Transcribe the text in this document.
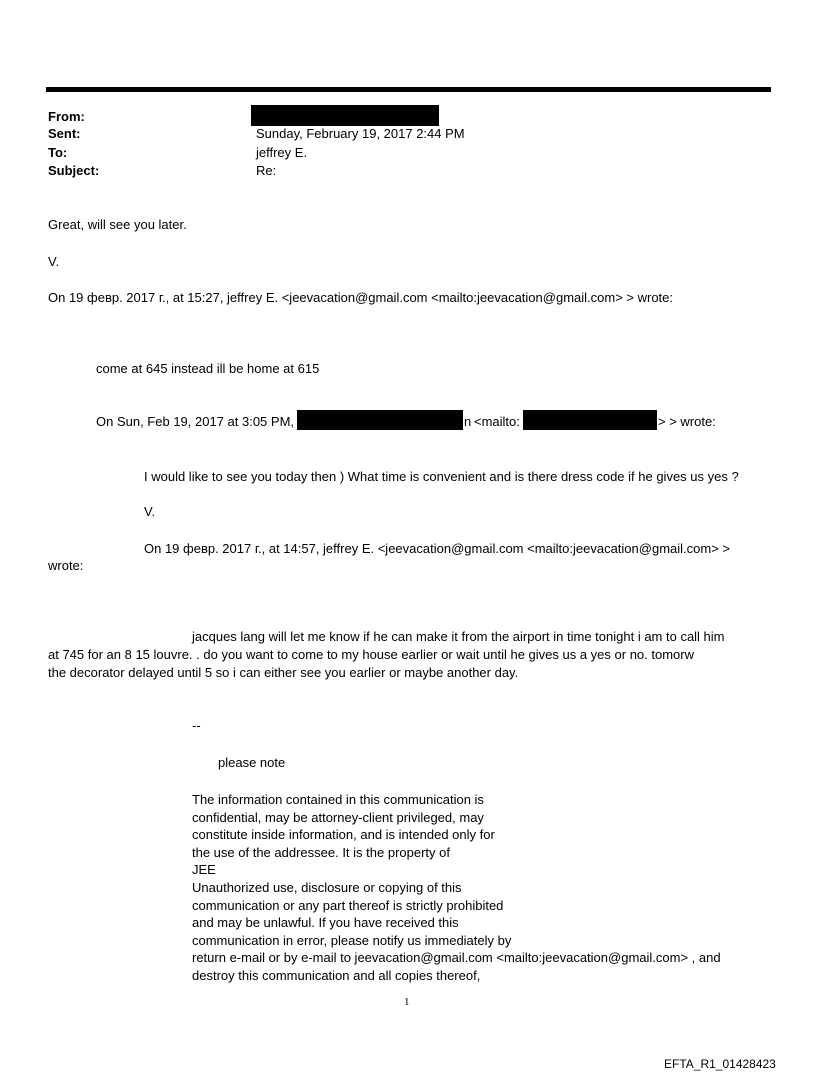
From:
Sent:	Sunday, February 19, 2017 2:44 PM
To:	jeffrey E.
Subject:	Re:
Great, will see you later.
V.
On 19 февр. 2017 г., at 15:27, jeffrey E. <jeevacation@gmail.com <mailto:jeevacation@gmail.com> > wrote:
come at 645 instead ill be home at 615
On Sun, Feb 19, 2017 at 3:05 PM,	n <mailto:	> > wrote:
I would like to see you today then ) What time is convenient and is there dress code if he gives us yes ?
V.
On 19 февр. 2017 г., at 14:57, jeffrey E. <jeevacation@gmail.com <mailto:jeevacation@gmail.com> >
wrote:
jacques lang will let me know if he can make it from the airport in time tonight i am to call him
at 745 for an 8 15 louvre. . do you want to come to my house earlier or wait until he gives us a yes or no. tomorw
the decorator delayed until 5 so i can either see you earlier or maybe another day.
--
please note
The information contained in this communication is
confidential, may be attorney-client privileged, may
constitute inside information, and is intended only for
the use of the addressee. It is the property of
JEE
Unauthorized use, disclosure or copying of this
communication or any part thereof is strictly prohibited
and may be unlawful. If you have received this
communication in error, please notify us immediately by
return e-mail or by e-mail to jeevacation@gmail.com <mailto:jeevacation@gmail.com> , and
destroy this communication and all copies thereof,
1
EFTA_R1_01428423
